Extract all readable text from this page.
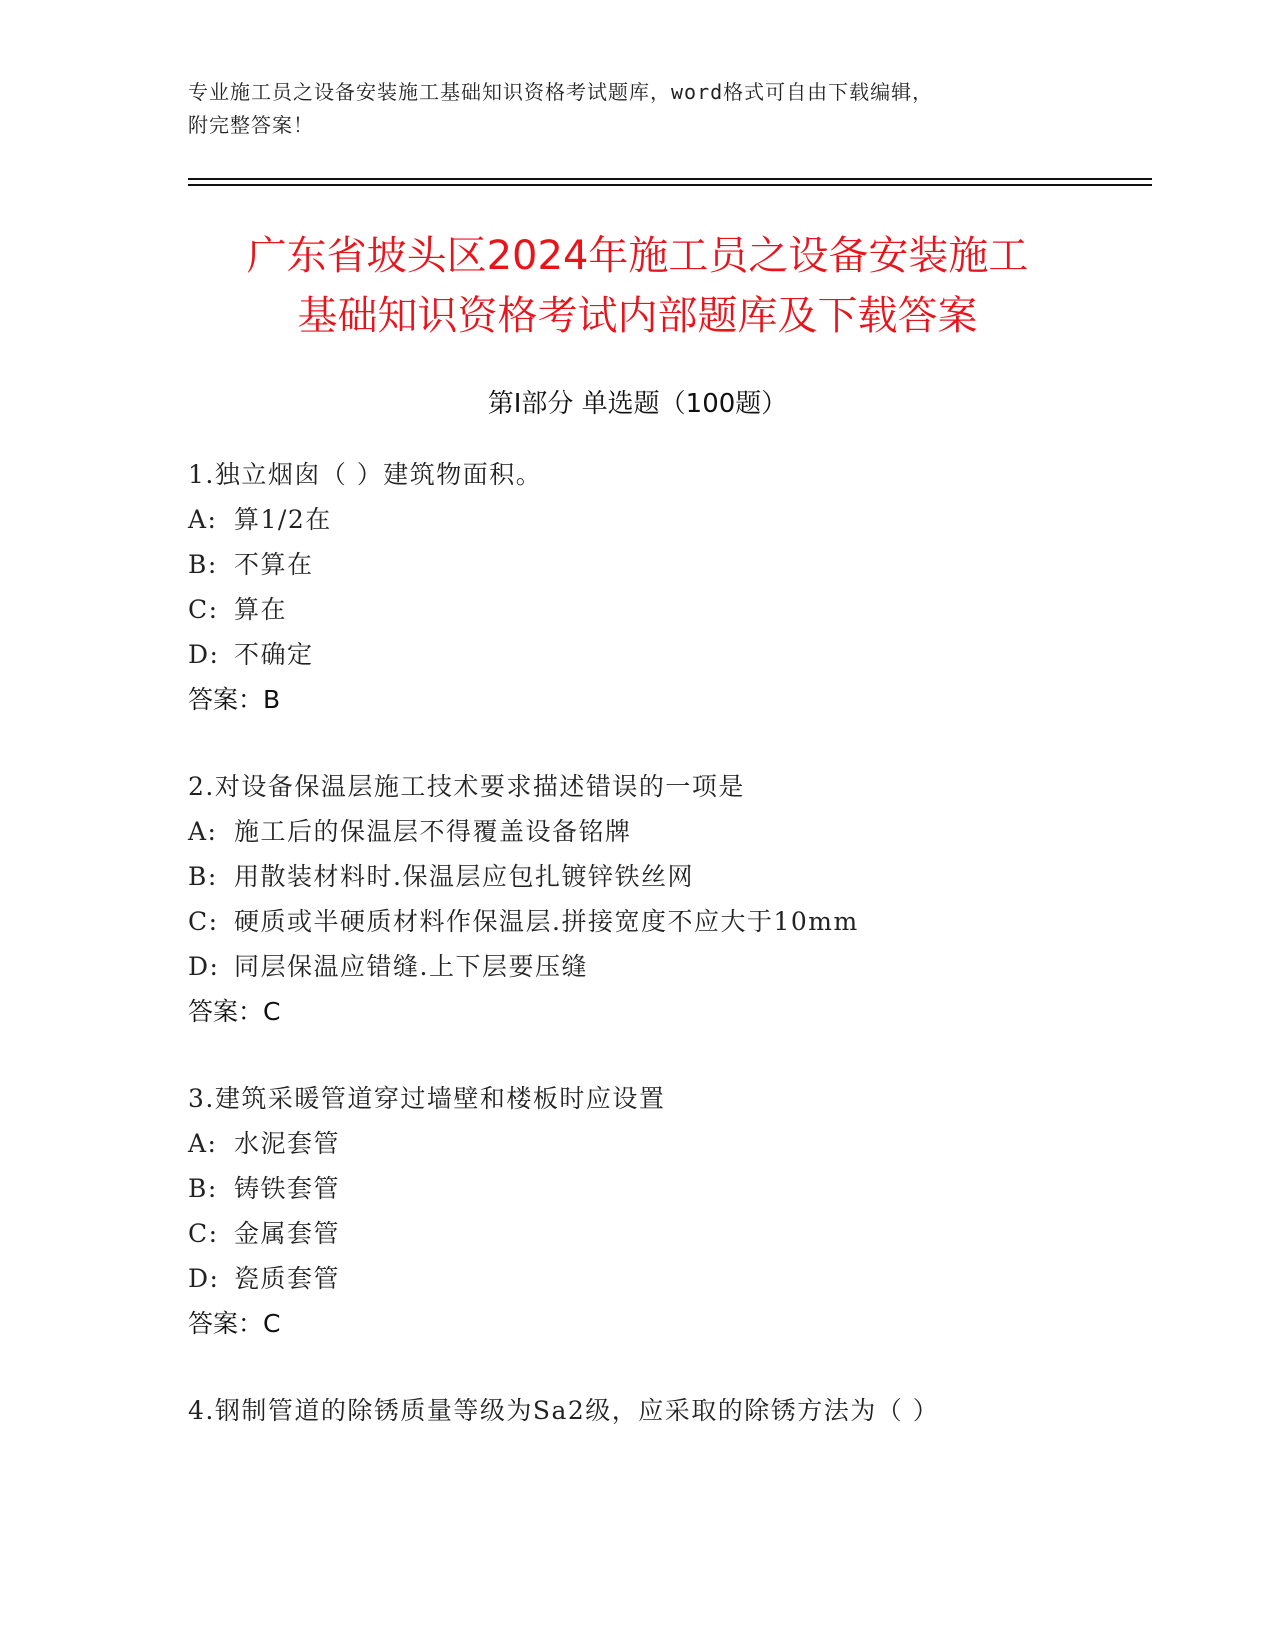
专业施工员之设备安装施工基础知识资格考试题库，word格式可自由下载编辑，
附完整答案！
广东省坡头区2024年施工员之设备安装施工
基础知识资格考试内部题库及下载答案
第Ⅰ部分 单选题（100题）
1.独立烟囱（ ）建筑物面积。
A: 算1/2在
B: 不算在
C: 算在
D: 不确定
答案：B
2.对设备保温层施工技术要求描述错误的一项是
A: 施工后的保温层不得覆盖设备铭牌
B: 用散装材料时.保温层应包扎镀锌铁丝网
C: 硬质或半硬质材料作保温层.拼接宽度不应大于10mm
D: 同层保温应错缝.上下层要压缝
答案：C
3.建筑采暖管道穿过墙壁和楼板时应设置
A: 水泥套管
B: 铸铁套管
C: 金属套管
D: 瓷质套管
答案：C
4.钢制管道的除锈质量等级为Sa2级，应采取的除锈方法为（ ）
